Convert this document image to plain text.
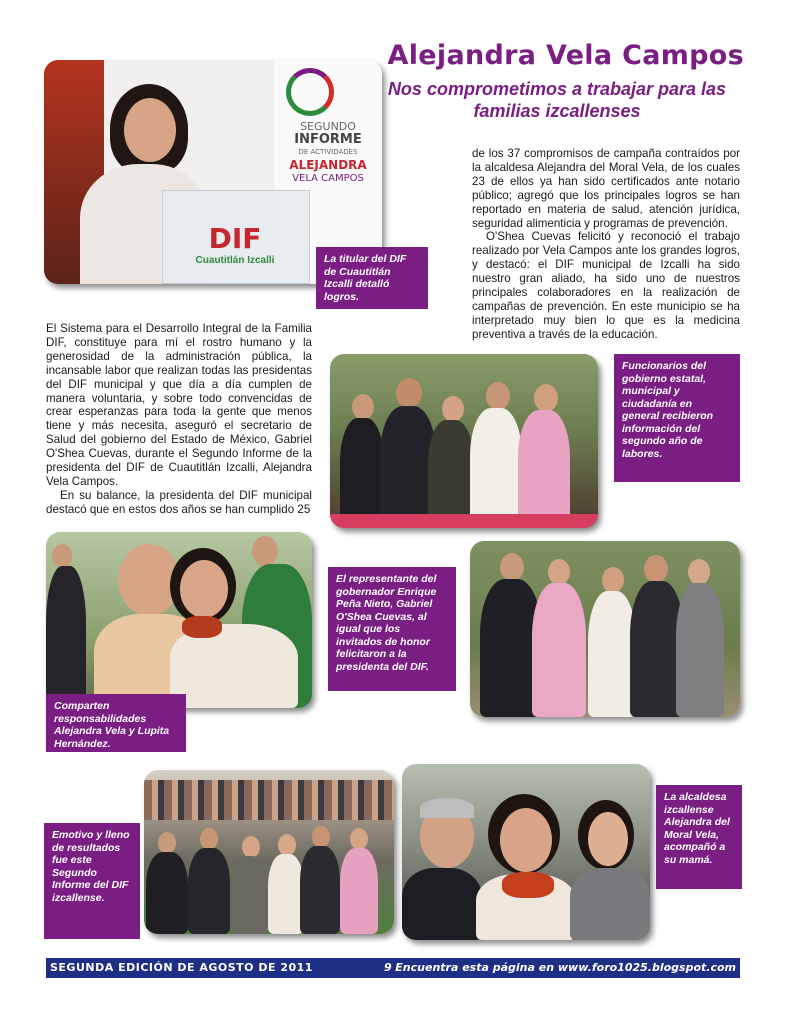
Alejandra Vela Campos
Nos comprometimos a trabajar para las familias izcallenses
SEGUNDO
INFORME
DE ACTIVIDADES
ALEJANDRA
VELA CAMPOS
DIF
Cuautitlán Izcalli	La titular del DIF de Cuautitlán Izcalli detalló logros.

El Sistema para el Desarrollo Integral de la Familia DIF, constituye para mí el rostro humano y la generosidad de la administración pública, la incansable labor que realizan todas las presidentas del DIF municipal y que día a día cumplen de manera voluntaria, y sobre todo convencidas de crear esperanzas para toda la gente que menos tiene y más necesita, aseguró el secretario de Salud del gobierno del Estado de México, Gabriel O'Shea Cuevas, durante el Segundo Informe de la presidenta del DIF de Cuautitlán Izcalli, Alejandra Vela Campos.

En su balance, la presidenta del DIF municipal destacó que en estos dos años se han cumplido 25

de los 37 compromisos de campaña contraídos por la alcaldesa Alejandra del Moral Vela, de los cuales 23 de ellos ya han sido certificados ante notario público; agregó que los principales logros se han reportado en materia de salud, atención jurídica, seguridad alimenticia y programas de prevención.

O'Shea Cuevas felicitó y reconoció el trabajo realizado por Vela Campos ante los grandes logros, y destacó: el DIF municipal de Izcalli ha sido nuestro gran aliado, ha sido uno de nuestros principales colaboradores en la realización de campañas de prevención. En este municipio se ha interpretado muy bien lo que es la medicina preventiva a través de la educación.

Funcionarios del gobierno estatal, municipal y ciudadanía en general recibieron información del segundo año de labores.
Comparten responsabilidades Alejandra Vela y Lupita Hernández.
El representante del gobernador Enrique Peña Nieto, Gabriel O'Shea Cuevas, al igual que los invitados de honor felicitaron a la presidenta del DIF.
Emotivo y lleno de resultados fue este Segundo Informe del DIF izcallense.
La alcaldesa izcallense Alejandra del Moral Vela, acompañó a su mamá.
SEGUNDA EDICIÓN DE AGOSTO DE 2011	9 Encuentra esta página en www.foro1025.blogspot.com
